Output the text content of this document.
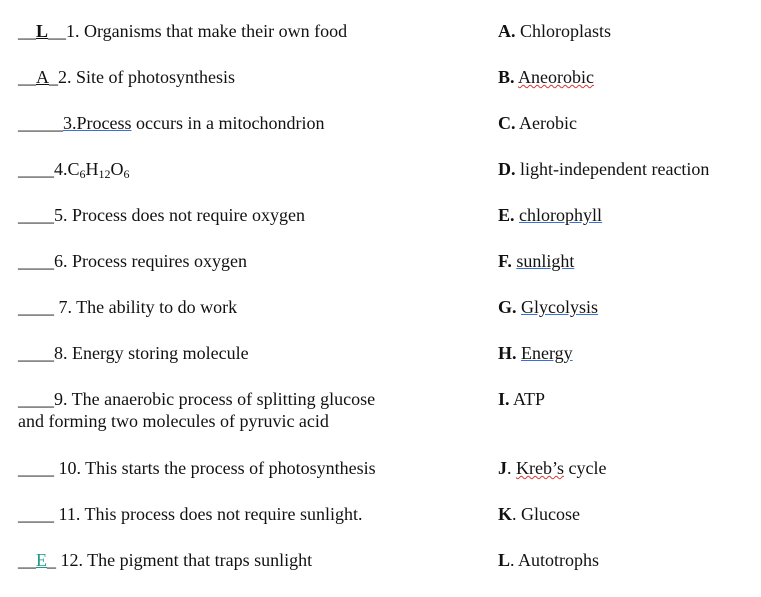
__L__1. Organisms that make their own food
__A_2. Site of photosynthesis
_____3.Process occurs in a mitochondrion
$\_\_\_\_4.C_6H_{12}O_6$
____5. Process does not require oxygen
____6. Process requires oxygen
____ 7. The ability to do work
____8. Energy storing molecule
____9. The anaerobic process of splitting glucose
and forming two molecules of pyruvic acid
____ 10. This starts the process of photosynthesis
____ 11. This process does not require sunlight.
__E_ 12. The pigment that traps sunlight
A. Chloroplasts
B. Aneorobic
C. Aerobic
D. light-independent reaction
E. chlorophyll
F. sunlight
G. Glycolysis
H. Energy
I. ATP
J. Kreb’s cycle
K. Glucose
L. Autotrophs
